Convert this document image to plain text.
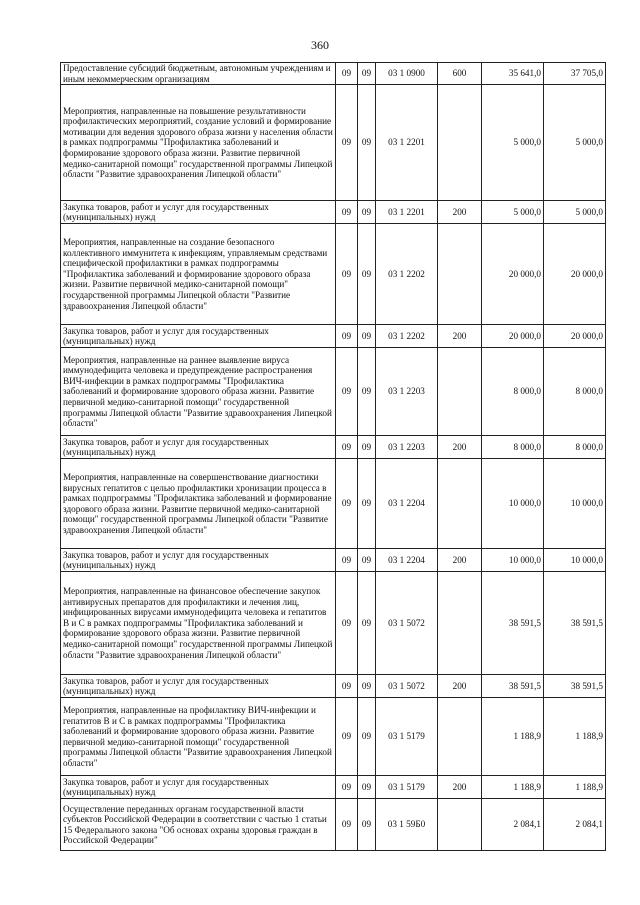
360
Предоставление субсидий бюджетным, автономным учреждениям и иным некоммерческим организациям	09	09	03 1 0900	600	35 641,0	37 705,0
Мероприятия, направленные на повышение результативности профилактических мероприятий, создание условий и формирование мотивации для ведения здорового образа жизни у населения области в рамках подпрограммы "Профилактика заболеваний и формирование здорового образа жизни. Развитие первичной медико-санитарной помощи" государственной программы Липецкой области "Развитие здравоохранения Липецкой области"	09	09	03 1 2201		5 000,0	5 000,0
Закупка товаров, работ и услуг для государственных (муниципальных) нужд	09	09	03 1 2201	200	5 000,0	5 000,0
Мероприятия, направленные на создание безопасного коллективного иммунитета к инфекциям, управляемым средствами специфической профилактики в рамках подпрограммы "Профилактика заболеваний и формирование здорового образа жизни. Развитие первичной медико-санитарной помощи" государственной программы Липецкой области "Развитие здравоохранения Липецкой области"	09	09	03 1 2202		20 000,0	20 000,0
Закупка товаров, работ и услуг для государственных (муниципальных) нужд	09	09	03 1 2202	200	20 000,0	20 000,0
Мероприятия, направленные на раннее выявление вируса иммунодефицита человека и предупреждение распространения ВИЧ-инфекции в рамках подпрограммы "Профилактика заболеваний и формирование здорового образа жизни. Развитие первичной медико-санитарной помощи" государственной программы Липецкой области "Развитие здравоохранения Липецкой области"	09	09	03 1 2203		8 000,0	8 000,0
Закупка товаров, работ и услуг для государственных (муниципальных) нужд	09	09	03 1 2203	200	8 000,0	8 000,0
Мероприятия, направленные на совершенствование диагностики вирусных гепатитов с целью профилактики хронизации процесса в рамках подпрограммы "Профилактика заболеваний и формирование здорового образа жизни. Развитие первичной медико-санитарной помощи" государственной программы Липецкой области "Развитие здравоохранения Липецкой области"	09	09	03 1 2204		10 000,0	10 000,0
Закупка товаров, работ и услуг для государственных (муниципальных) нужд	09	09	03 1 2204	200	10 000,0	10 000,0
Мероприятия, направленные на финансовое обеспечение закупок антивирусных препаратов для профилактики и лечения лиц, инфицированных вирусами иммунодефицита человека и гепатитов В и С в рамках подпрограммы "Профилактика заболеваний и формирование здорового образа жизни. Развитие первичной медико-санитарной помощи" государственной программы Липецкой области "Развитие здравоохранения Липецкой области"	09	09	03 1 5072		38 591,5	38 591,5
Закупка товаров, работ и услуг для государственных (муниципальных) нужд	09	09	03 1 5072	200	38 591,5	38 591,5
Мероприятия, направленные на профилактику ВИЧ-инфекции и гепатитов В и С в рамках подпрограммы "Профилактика заболеваний и формирование здорового образа жизни. Развитие первичной медико-санитарной помощи" государственной программы Липецкой области "Развитие здравоохранения Липецкой области"	09	09	03 1 5179		1 188,9	1 188,9
Закупка товаров, работ и услуг для государственных (муниципальных) нужд	09	09	03 1 5179	200	1 188,9	1 188,9
Осуществление переданных органам государственной власти субъектов Российской Федерации в соответствии с частью 1 статьи 15 Федерального закона "Об основах охраны здоровья граждан в Российской Федерации"	09	09	03 1 59Б0		2 084,1	2 084,1
